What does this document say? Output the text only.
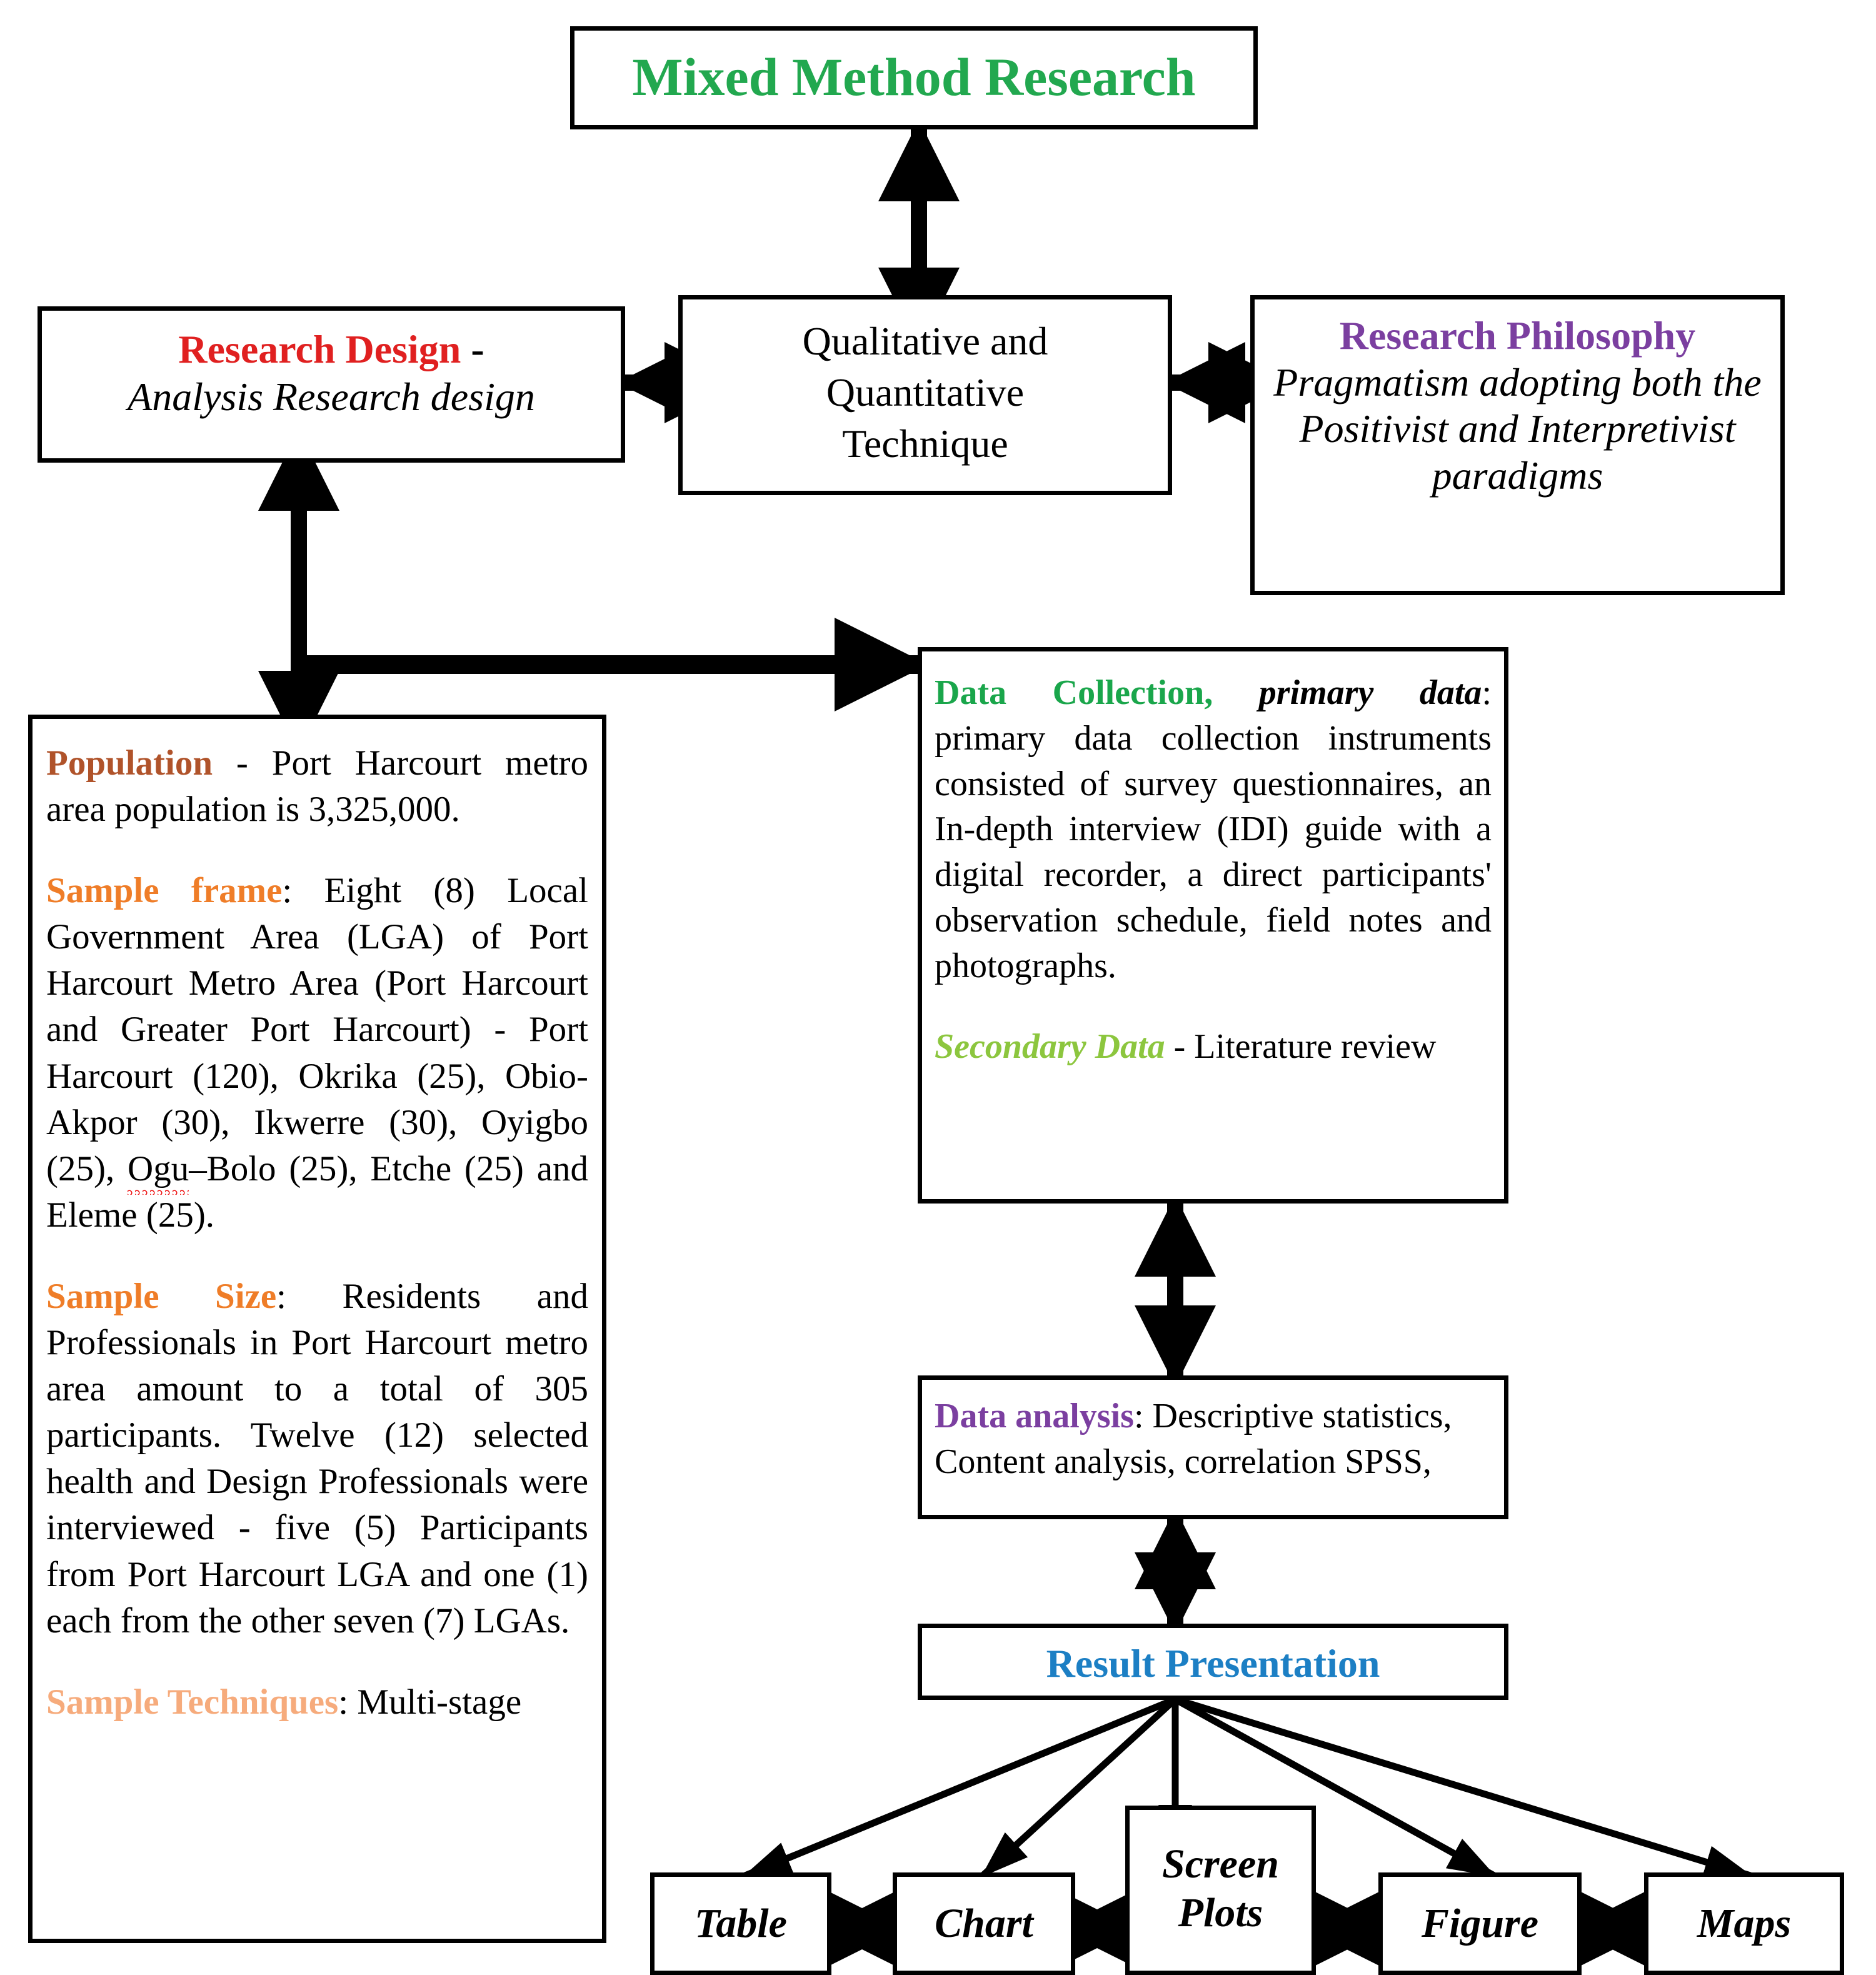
Mixed Method Research
Qualitative and
Quantitative
Technique
Research Design -
Analysis Research design
Research Philosophy
Pragmatism adopting both the Positivist and Interpretivist paradigms

Population - Port Harcourt metro area population is 3,325,000.

Sample frame: Eight (8) Local Government Area (LGA) of Port Harcourt Metro Area (Port Harcourt and Greater Port Harcourt) - Port Harcourt (120), Okrika (25), Obio-Akpor (30), Ikwerre (30), Oyigbo (25), Ogu–Bolo (25), Etche (25) and Eleme (25).

Sample Size: Residents and Professionals in Port Harcourt metro area amount to a total of 305 participants. Twelve (12) selected health and Design Professionals were interviewed - five (5) Participants from Port Harcourt LGA and one (1) each from the other seven (7) LGAs.

Sample Techniques: Multi-stage

Data Collection, primary data: primary data collection instruments consisted of survey questionnaires, an In-depth interview (IDI) guide with a digital recorder, a direct participants' observation schedule, field notes and photographs.

Secondary Data - Literature review

Data analysis: Descriptive statistics, Content analysis, correlation SPSS,

Result Presentation
Table	Chart
Screen
Plots	Figure	Maps
